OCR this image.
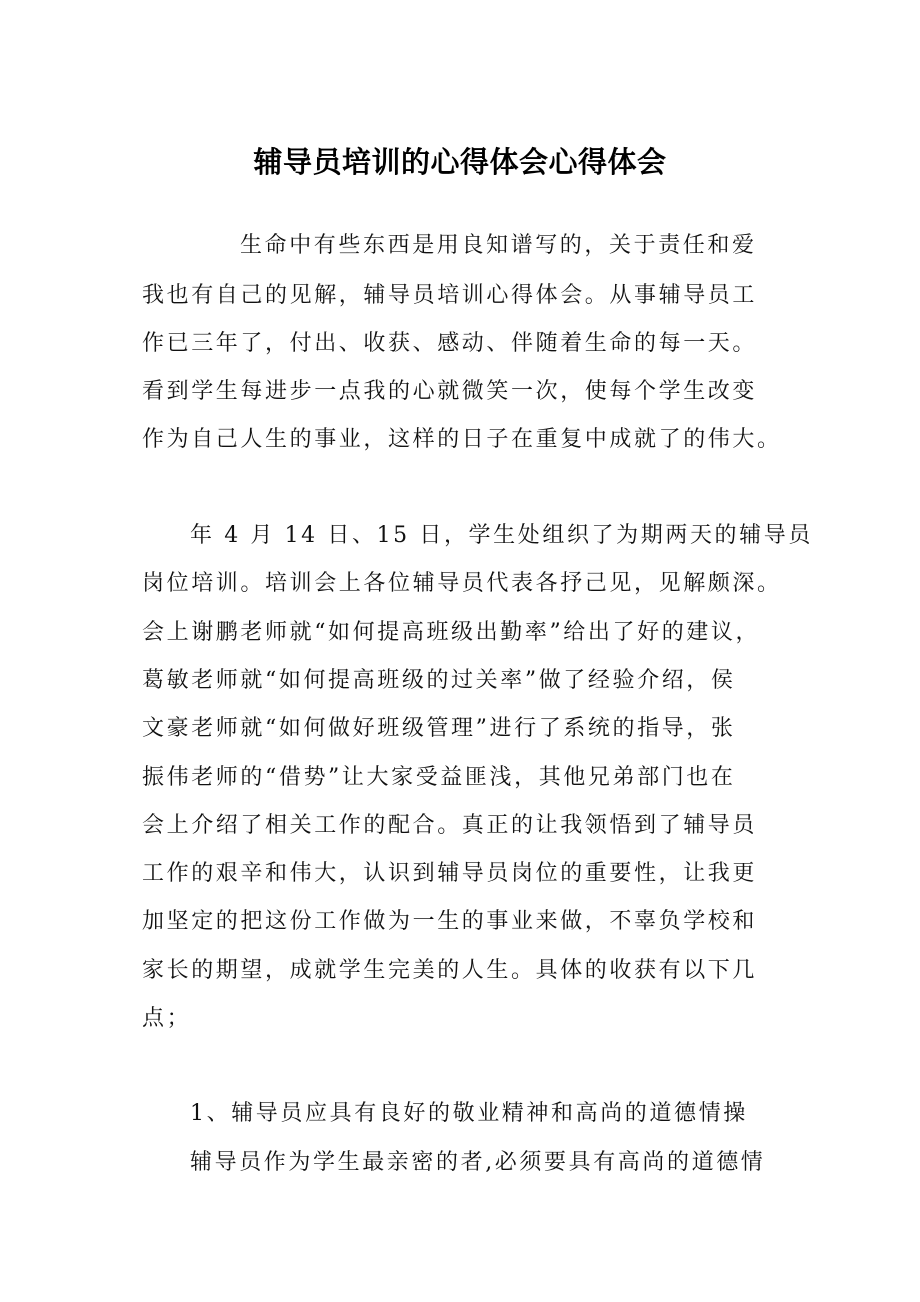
辅导员培训的心得体会心得体会
生命中有些东西是用良知谱写的，关于责任和爱
我也有自己的见解，辅导员培训心得体会。从事辅导员工
作已三年了，付出、收获、感动、伴随着生命的每一天。
看到学生每进步一点我的心就微笑一次，使每个学生改变
作为自己人生的事业，这样的日子在重复中成就了的伟大。
年 4 月 14 日、15 日，学生处组织了为期两天的辅导员
岗位培训。培训会上各位辅导员代表各抒己见，见解颇深。
会上谢鹏老师就“如何提高班级出勤率”给出了好的建议，
葛敏老师就“如何提高班级的过关率”做了经验介绍，侯
文豪老师就“如何做好班级管理”进行了系统的指导，张
振伟老师的“借势”让大家受益匪浅，其他兄弟部门也在
会上介绍了相关工作的配合。真正的让我领悟到了辅导员
工作的艰辛和伟大，认识到辅导员岗位的重要性，让我更
加坚定的把这份工作做为一生的事业来做，不辜负学校和
家长的期望，成就学生完美的人生。具体的收获有以下几
点；
1、辅导员应具有良好的敬业精神和高尚的道德情操
辅导员作为学生最亲密的者,必须要具有高尚的道德情
